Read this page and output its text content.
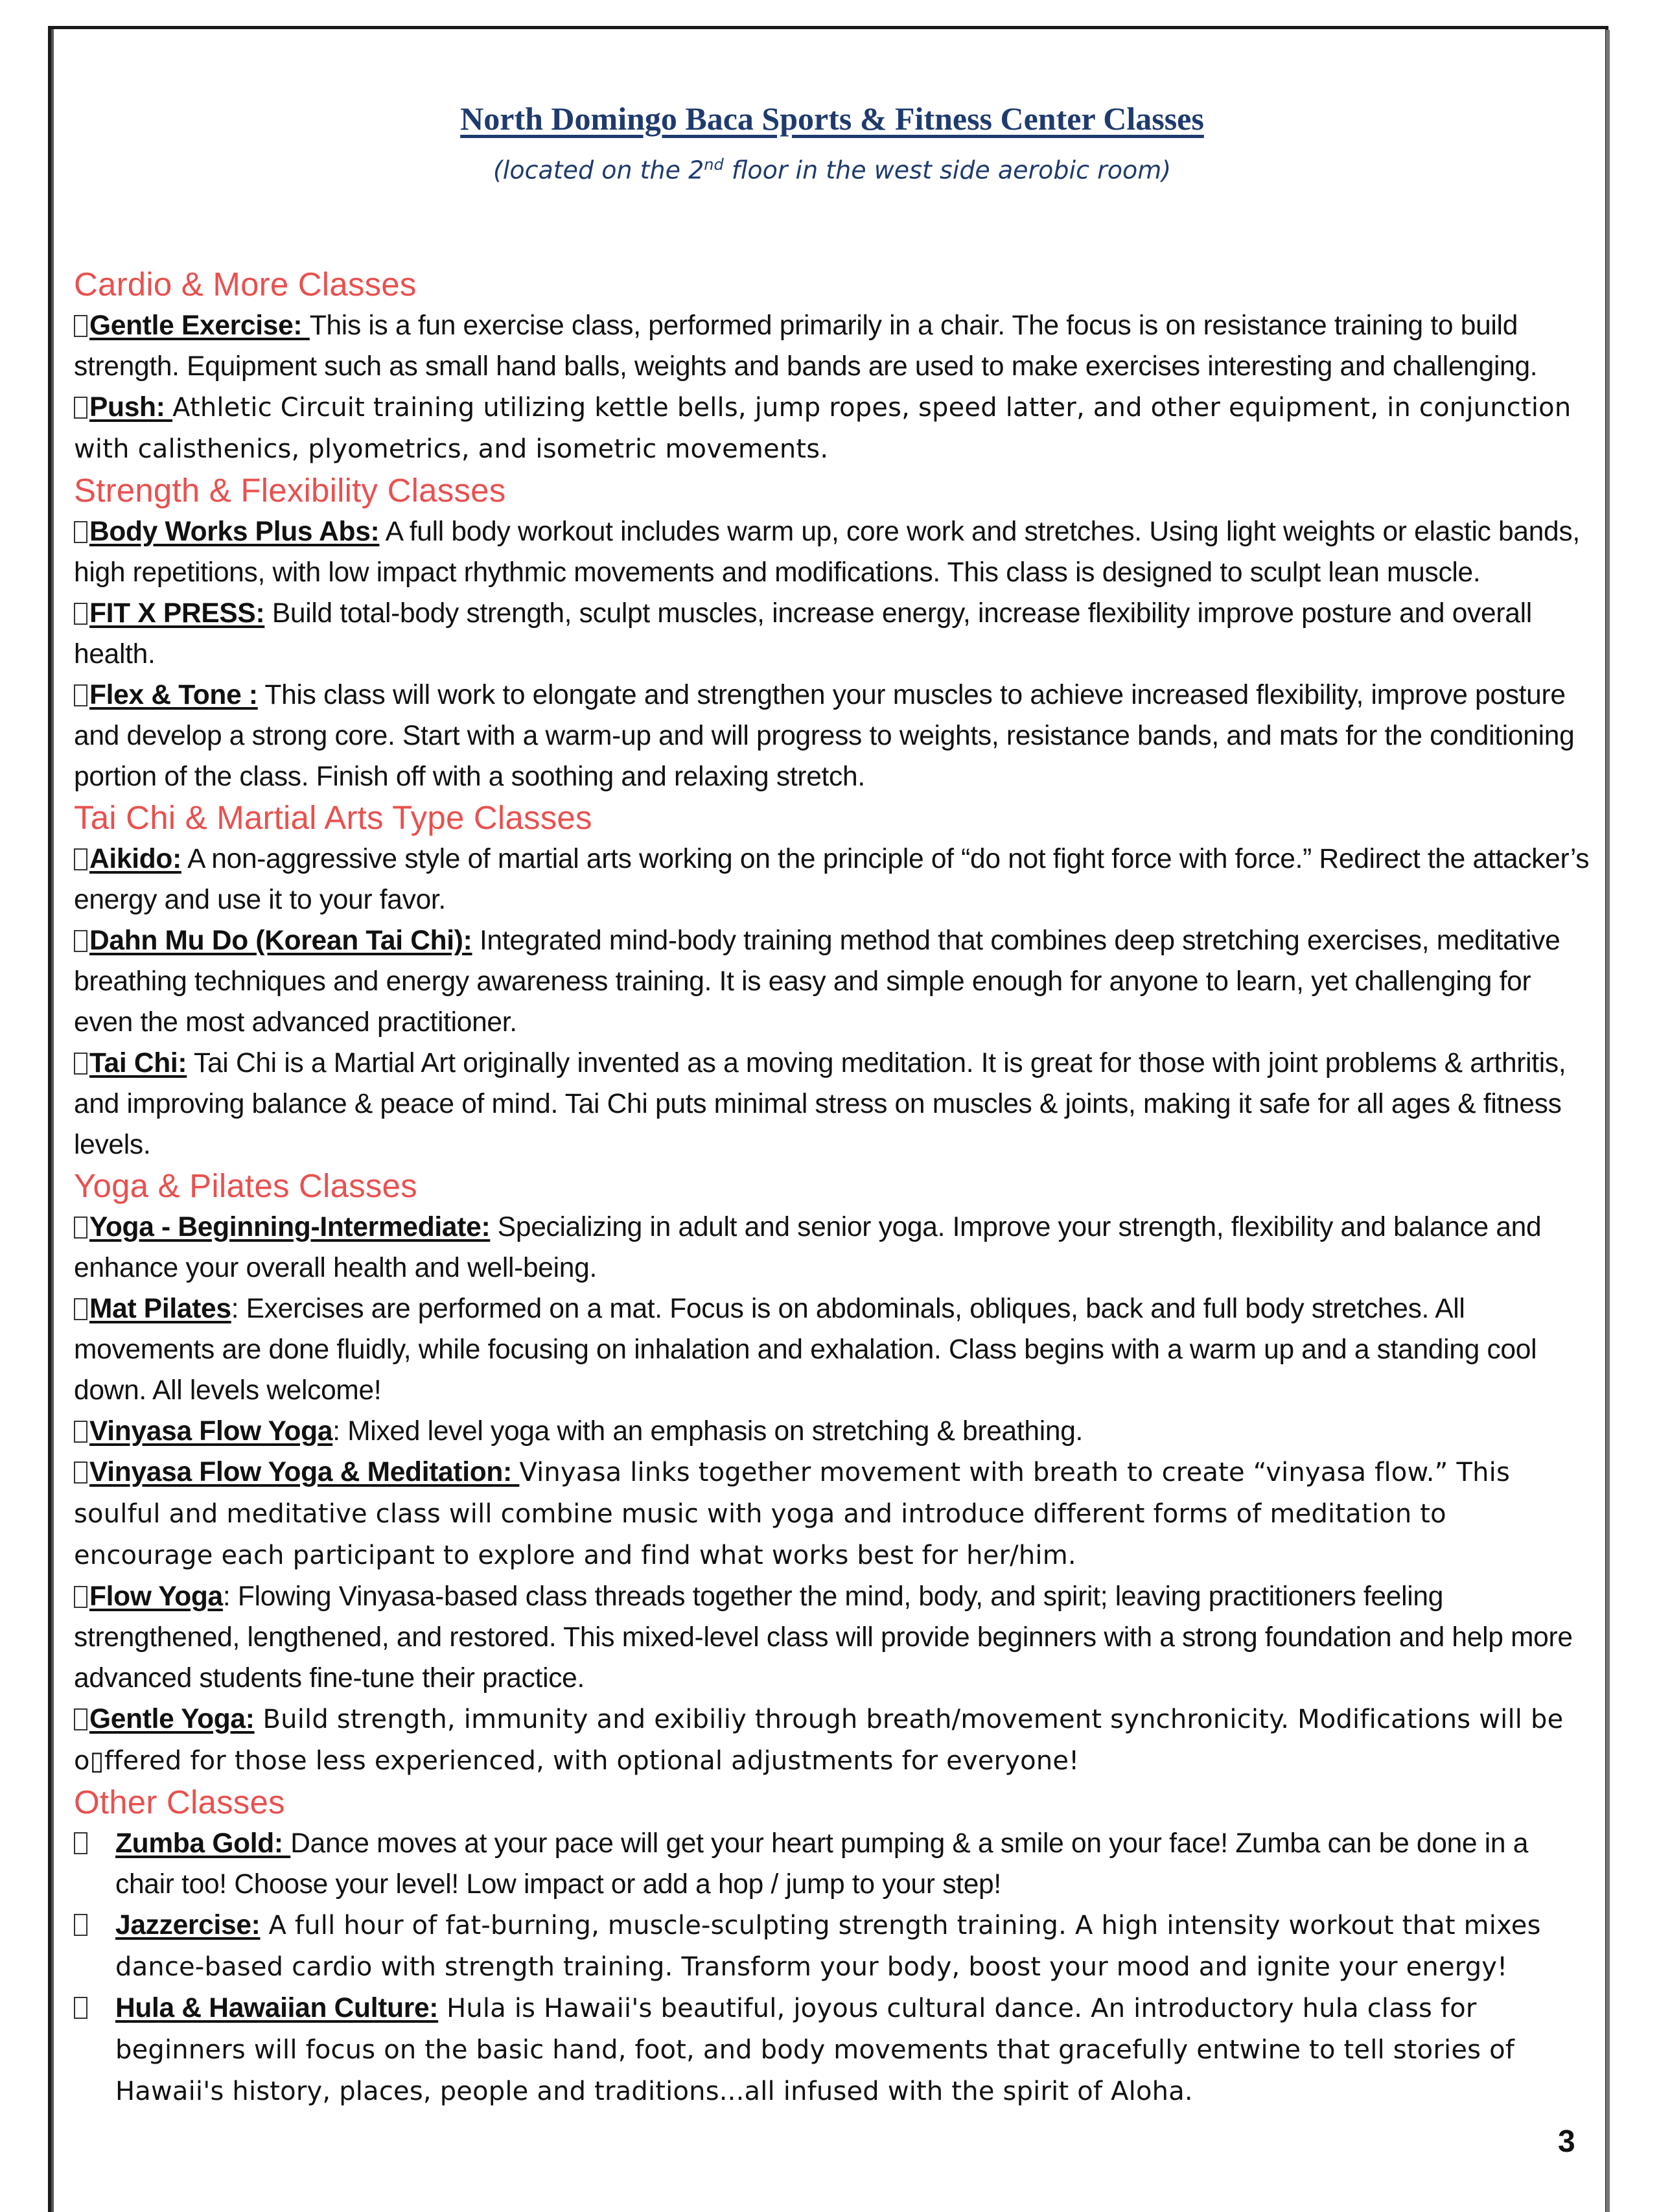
North Domingo Baca Sports & Fitness Center Classes

(located on the 2nd floor in the west side aerobic room)

Cardio & More Classes

Gentle Exercise: This is a fun exercise class, performed primarily in a chair. The focus is on resistance training to build strength. Equipment such as small hand balls, weights and bands are used to make exercises interesting and challenging.

Push: Athletic Circuit training utilizing kettle bells, jump ropes, speed latter, and other equipment, in conjunction with calisthenics, plyometrics, and isometric movements.

Strength & Flexibility Classes

Body Works Plus Abs: A full body workout includes warm up, core work and stretches. Using light weights or elastic bands, high repetitions, with low impact rhythmic movements and modifications. This class is designed to sculpt lean muscle.

FIT X PRESS: Build total-body strength, sculpt muscles, increase energy, increase flexibility improve posture and overall health.

Flex & Tone : This class will work to elongate and strengthen your muscles to achieve increased flexibility, improve posture and develop a strong core. Start with a warm-up and will progress to weights, resistance bands, and mats for the conditioning portion of the class. Finish off with a soothing and relaxing stretch.

Tai Chi & Martial Arts Type Classes

Aikido: A non-aggressive style of martial arts working on the principle of “do not fight force with force.” Redirect the attacker’s energy and use it to your favor.

Dahn Mu Do (Korean Tai Chi): Integrated mind-body training method that combines deep stretching exercises, meditative breathing techniques and energy awareness training. It is easy and simple enough for anyone to learn, yet challenging for even the most advanced practitioner.

Tai Chi: Tai Chi is a Martial Art originally invented as a moving meditation. It is great for those with joint problems & arthritis, and improving balance & peace of mind. Tai Chi puts minimal stress on muscles & joints, making it safe for all ages & fitness levels.

Yoga & Pilates Classes

Yoga - Beginning-Intermediate: Specializing in adult and senior yoga. Improve your strength, flexibility and balance and enhance your overall health and well-being.

Mat Pilates: Exercises are performed on a mat. Focus is on abdominals, obliques, back and full body stretches. All movements are done fluidly, while focusing on inhalation and exhalation. Class begins with a warm up and a standing cool down. All levels welcome!

Vinyasa Flow Yoga: Mixed level yoga with an emphasis on stretching & breathing.

Vinyasa Flow Yoga & Meditation: Vinyasa links together movement with breath to create “vinyasa flow.” This soulful and meditative class will combine music with yoga and introduce different forms of meditation to encourage each participant to explore and find what works best for her/him.

Flow Yoga: Flowing Vinyasa-based class threads together the mind, body, and spirit; leaving practitioners feeling strengthened, lengthened, and restored. This mixed-level class will provide beginners with a strong foundation and help more advanced students fine-tune their practice.

Gentle Yoga: Build strength, immunity and exibiliy through breath/movement synchronicity. Modifications will be o▯ffered for those less experienced, with optional adjustments for everyone!

Other Classes

Zumba Gold: Dance moves at your pace will get your heart pumping & a smile on your face! Zumba can be done in a chair too! Choose your level! Low impact or add a hop / jump to your step!

Jazzercise: A full hour of fat-burning, muscle-sculpting strength training. A high intensity workout that mixes dance-based cardio with strength training. Transform your body, boost your mood and ignite your energy!

Hula & Hawaiian Culture: Hula is Hawaii's beautiful, joyous cultural dance. An introductory hula class for beginners will focus on the basic hand, foot, and body movements that gracefully entwine to tell stories of Hawaii's history, places, people and traditions...all infused with the spirit of Aloha.

3
